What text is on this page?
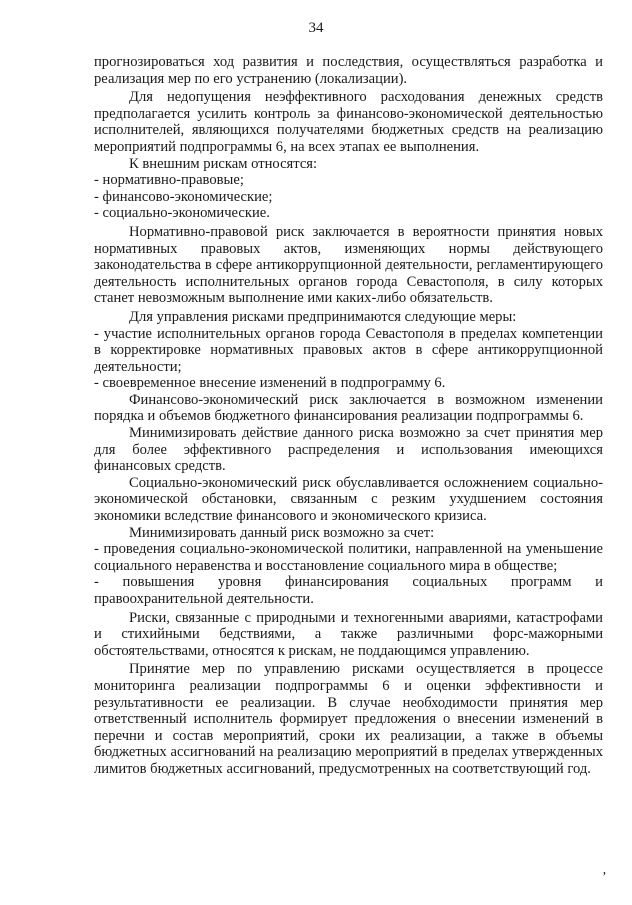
34

прогнозироваться ход развития и последствия, осуществляться разработка и реализация мер по его устранению (локализации).

Для недопущения неэффективного расходования денежных средств предполагается усилить контроль за финансово-экономической деятельностью исполнителей, являющихся получателями бюджетных средств на реализацию мероприятий подпрограммы 6, на всех этапах ее выполнения.

К внешним рискам относятся:

- нормативно-правовые;

- финансово-экономические;

- социально-экономические.

Нормативно-правовой риск заключается в вероятности принятия новых нормативных правовых актов, изменяющих нормы действующего законодательства в сфере антикоррупционной деятельности, регламентирующего деятельность исполнительных органов города Севастополя, в силу которых станет невозможным выполнение ими каких-либо обязательств.

Для управления рисками предпринимаются следующие меры:

- участие исполнительных органов города Севастополя в пределах компетенции в корректировке нормативных правовых актов в сфере антикоррупционной деятельности;

- своевременное внесение изменений в подпрограмму 6.

Финансово-экономический риск заключается в возможном изменении порядка и объемов бюджетного финансирования реализации подпрограммы 6.

Минимизировать действие данного риска возможно за счет принятия мер для более эффективного распределения и использования имеющихся финансовых средств.

Социально-экономический риск обуславливается осложнением социально-экономической обстановки, связанным с резким ухудшением состояния экономики вследствие финансового и экономического кризиса.

Минимизировать данный риск возможно за счет:

- проведения социально-экономической политики, направленной на уменьшение социального неравенства и восстановление социального мира в обществе;

- повышения уровня финансирования социальных программ и правоохранительной деятельности.

Риски, связанные с природными и техногенными авариями, катастрофами и стихийными бедствиями, а также различными форс-мажорными обстоятельствами, относятся к рискам, не поддающимся управлению.

Принятие мер по управлению рисками осуществляется в процессе мониторинга реализации подпрограммы 6 и оценки эффективности и результативности ее реализации. В случае необходимости принятия мер ответственный исполнитель формирует предложения о внесении изменений в перечни и состав мероприятий, сроки их реализации, а также в объемы бюджетных ассигнований на реализацию мероприятий в пределах утвержденных лимитов бюджетных ассигнований, предусмотренных на соответствующий год.

’
